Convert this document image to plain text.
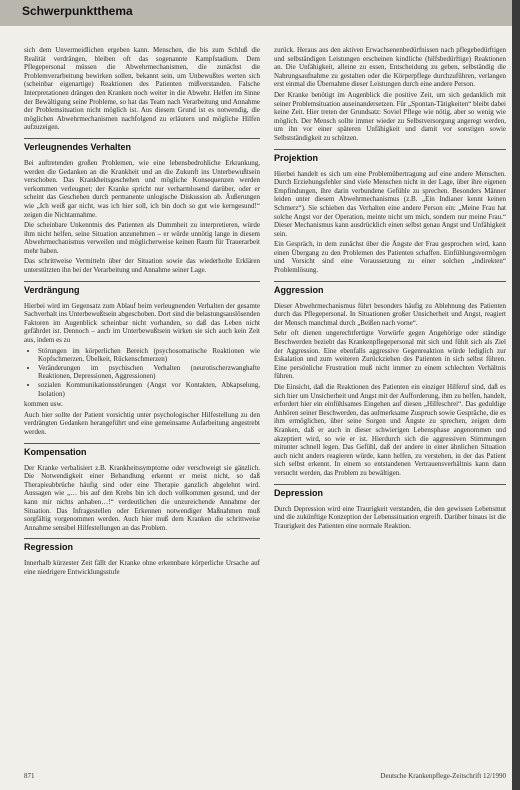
Schwerpunktthema

sich dem Unvermeidlichen ergeben kann. Menschen, die bis zum Schluß die Realität verdrängen, bleiben oft das sogenannte Kampfstadium. Dem Pflegepersonal müssen die Abwehrmechanismen, die zunächst die Problemverarbeitung bewirken sollen, bekannt sein, um Unbewußtes werten sich (scheinbar eigenartige) Reaktionen des Patienten mißverstanden. Falsche Interpretationen drängen den Kranken noch weiter in die Abwehr. Helfen im Sinne der Bewältigung seine Probleme, so hat das Team nach Verarbeitung und Annahme der Problemsituation nicht möglich ist. Aus diesem Grund ist es notwendig, die möglichen Abwehrmechanismen nachfolgend zu erläutern und mögliche Hilfen aufzuzeigen.

Verleugnendes Verhalten

Bei auftretenden großen Problemen, wie eine lebensbedrohliche Erkrankung, werden die Gedanken an die Krankheit und an die Zukunft ins Unterbewußtsein verschoben. Das Krankheitsgeschehen und mögliche Konsequenzen werden verkommen verleugnet; der Kranke spricht nur verharmlosend darüber, oder er scheint das Geschehen durch permanente unlogische Diskussion ab. Äußerungen wie „Ich weiß gar nicht, was ich hier soll, ich bin doch so gut wie kerngesund!“ zeigen die Nichtannahme.

Die scheinbare Unkenntnis des Patienten als Dummheit zu interpretieren, würde ihm nicht helfen, seine Situation anzunehmen – er würde unnötig lange in diesem Abwehrmechanismus verweilen und möglicherweise keinen Raum für Trauerarbeit mehr haben.

Das schrittweise Vermitteln über der Situation sowie das wiederholte Erklären unterstützten ihn bei der Verarbeitung und Annahme seiner Lage.

Verdrängung

Hierbei wird im Gegensatz zum Ablauf beim verleugnenden Verhalten der gesamte Sachverhalt ins Unterbewußtsein abgeschoben. Dort sind die belastungsauslösenden Faktoren im Augenblick scheinbar nicht vorhanden, so daß das Leben nicht gefährdet ist. Dennoch – auch im Unterbewußtsein wirken sie sich auch kein Zeit aus, indem es zu

• Störungen im körperlichen Bereich (psychosomatische Reaktionen wie Kopfschmerzen, Übelkeit, Rückenschmerzen)
• Veränderungen im psychischen Verhalten (neurotischerzwanghafte Reaktionen, Depressionen, Aggressionen)
• sozialen Kommunikationsstörungen (Angst vor Kontakten, Abkapselung, Isolation)

kommen usw.

Auch hier sollte der Patient vorsichtig unter psychologischer Hilfestellung zu den verdrängten Gedanken herangeführt und eine gemeinsame Aufarbeitung angestrebt werden.

Kompensation

Der Kranke verbalisiert z.B. Krankheitssymptome oder verschweigt sie gänzlich. Die Notwendigkeit einer Behandlung erkennt er meist nicht, so daß Therapieabbrüche häufig sind oder eine Therapie ganzlich abgelehnt wird. Aussagen wie „… bis auf den Krebs bin ich doch vollkommen gesund, und der kann mir nichts anhaben…!“ verdeutlichen die unzureichende Annahme der Situation. Das Infragestellen oder Erkennen notwendiger Maßnahmen muß sorgfältig vorgenommen werden. Auch hier muß dem Kranken die schrittweise Annahme sensibel Hilfestellungen an das Problem.

Regression

Innerhalb kürzester Zeit fällt der Kranke ohne erkennbare körperliche Ursache auf eine niedrigere Entwicklungsstufe

zurück. Heraus aus den aktiven Erwachsenenbedürfnissen nach pflegebedürftigen und selbständigen Leistungen erscheinen kindliche (hilfsbedürftige) Reaktionen an. Die Unfähigkeit, alleine zu essen, Entscheidung zu geben, selbständig die Nahrungsaufnahme zu gestalten oder die Körperpflege durchzuführen, verlangen erst einmal die Übernahme dieser Leistungen durch eine andere Person.

Der Kranke benötigt im Augenblick die positive Zeit, um sich gedanklich mit seiner Problemsituation auseinandersetzen. Für „Spontan-Tätigkeiten“ bleibt dabei keine Zeit. Hier treten der Grundsatz: Soviel Pflege wie nötig, aber so wenig wie möglich. Der Mensch sollte immer wieder zu Selbstversorgung angeregt werden, um ihn vor einer späteren Unfähigkeit und damit vor sonstigen sowie Selbstständigkeit zu schützen.

Projektion

Hierbei handelt es sich um eine Problemübertragung auf eine andere Menschen. Durch Erziehungsfehler sind viele Menschen nicht in der Lage, über ihre eigenen Empfindungen, ihre darin verbundene Gefühle zu sprechen. Besonders Männer leiden unter diesem Abwehrmechanismus (z.B. „Ein Indianer kennt keinen Schmerz“). Sie schieben das Verhalten eine andere Person ein: „Meine Frau hat solche Angst vor der Operation, meinte nicht um mich, sondern nur meine Frau.“ Dieser Mechanismus kann ausdrücklich einen selbst genau Angst und Unfähigkeit sein.

Ein Gespräch, in dem zunächst über die Ängste der Frau gesprochen wird, kann einen Übergang zu den Problemen des Patienten schaffen. Einfühlungsvermögen und Vorsicht sind eine Voraussetzung zu einer solchen „indirekten“ Problemlösung.

Aggression

Dieser Abwehrmechanismus führt besonders häufig zu Ablehnung des Patienten durch das Pflegepersonal. In Situationen großer Unsicherheit und Angst, reagiert der Mensch manchmal durch „Beißen nach vorne“.

Sehr oft dienen ungerechtfertigte Vorwürfe gegen Angehörige oder ständige Beschwerden bezieht das Krankenpflegepersonal mit sich und fühlt sich als Ziel der Aggression. Eine ebenfalls aggressive Gegenreaktion würde lediglich zur Eskalation und zum weiteren Zurückziehen des Patienten in sich selbst führen. Eine persönliche Frustration muß nicht immer zu einem schlechten Verhältnis führen.

Die Einsicht, daß die Reaktionen des Patienten ein einziger Hilferuf sind, daß es sich hier um Unsicherheit und Angst mit der Aufforderung, ihm zu helfen, handelt, erfordert hier ein einfühlsames Eingehen auf diesen „Hilfeschrei“. Das geduldige Anhören seiner Beschwerden, das aufmerksame Zuspruch sowie Gespräche, die es ihm ermöglichen, über seine Sorgen und Ängste zu sprechen, zeigen dem Kranken, daß er auch in dieser schwierigen Lebensphase angenommen und akzeptiert wird, so wie er ist. Hierdurch sich die aggressiven Stimmungen mitunter schnell legen. Das Gefühl, daß der andere in einer ähnlichen Situation auch nicht anders reagieren würde, kann helfen, zu verstehen, in der das Patient sich selbst erkennt. In einem so entstandenen Vertrauensverhältnis kann dann versucht werden, das Problem zu bewältigen.

Depression

Durch Depression wird eine Traurigkeit verstanden, die den gewissen Lebensmut und die zukünftige Konzeption der Lebenssituation ergreift. Darüber hinaus ist die Traurigkeit des Patienten eine normale Reaktion.

871	Deutsche Krankenpflege-Zeitschrift 12/1990
